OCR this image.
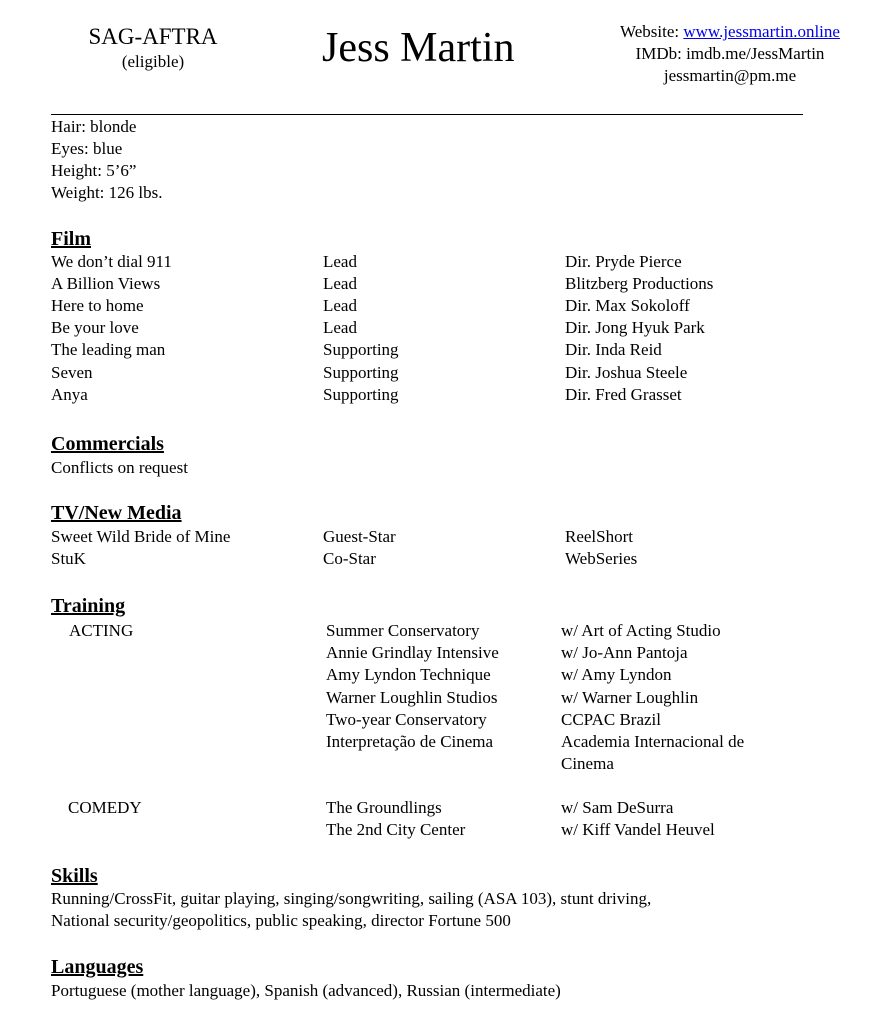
SAG-AFTRA
(eligible)	Jess Martin	Website: www.jessmartin.online
IMDb: imdb.me/JessMartin
jessmartin@pm.me
Hair: blonde
Eyes: blue
Height: 5’6”
Weight: 126 lbs.
Film
We don’t dial 911	Lead	Dir. Pryde Pierce
A Billion Views	Lead	Blitzberg Productions
Here to home	Lead	Dir. Max Sokoloff
Be your love	Lead	Dir. Jong Hyuk Park
The leading man	Supporting	Dir. Inda Reid
Seven	Supporting	Dir. Joshua Steele
Anya	Supporting	Dir. Fred Grasset
Commercials
Conflicts on request
TV/New Media
Sweet Wild Bride of Mine	Guest-Star	ReelShort
StuK	Co-Star	WebSeries
Training
ACTING	Summer Conservatory	w/ Art of Acting Studio
Annie Grindlay Intensive	w/ Jo-Ann Pantoja
Amy Lyndon Technique	w/ Amy Lyndon
Warner Loughlin Studios	w/ Warner Loughlin
Two-year Conservatory	CCPAC Brazil
Interpretação de Cinema	Academia Internacional de
Cinema
COMEDY	The Groundlings	w/ Sam DeSurra
The 2nd City Center	w/ Kiff Vandel Heuvel
Skills
Running/CrossFit, guitar playing, singing/songwriting, sailing (ASA 103), stunt driving,
National security/geopolitics, public speaking, director Fortune 500
Languages
Portuguese (mother language), Spanish (advanced), Russian (intermediate)
